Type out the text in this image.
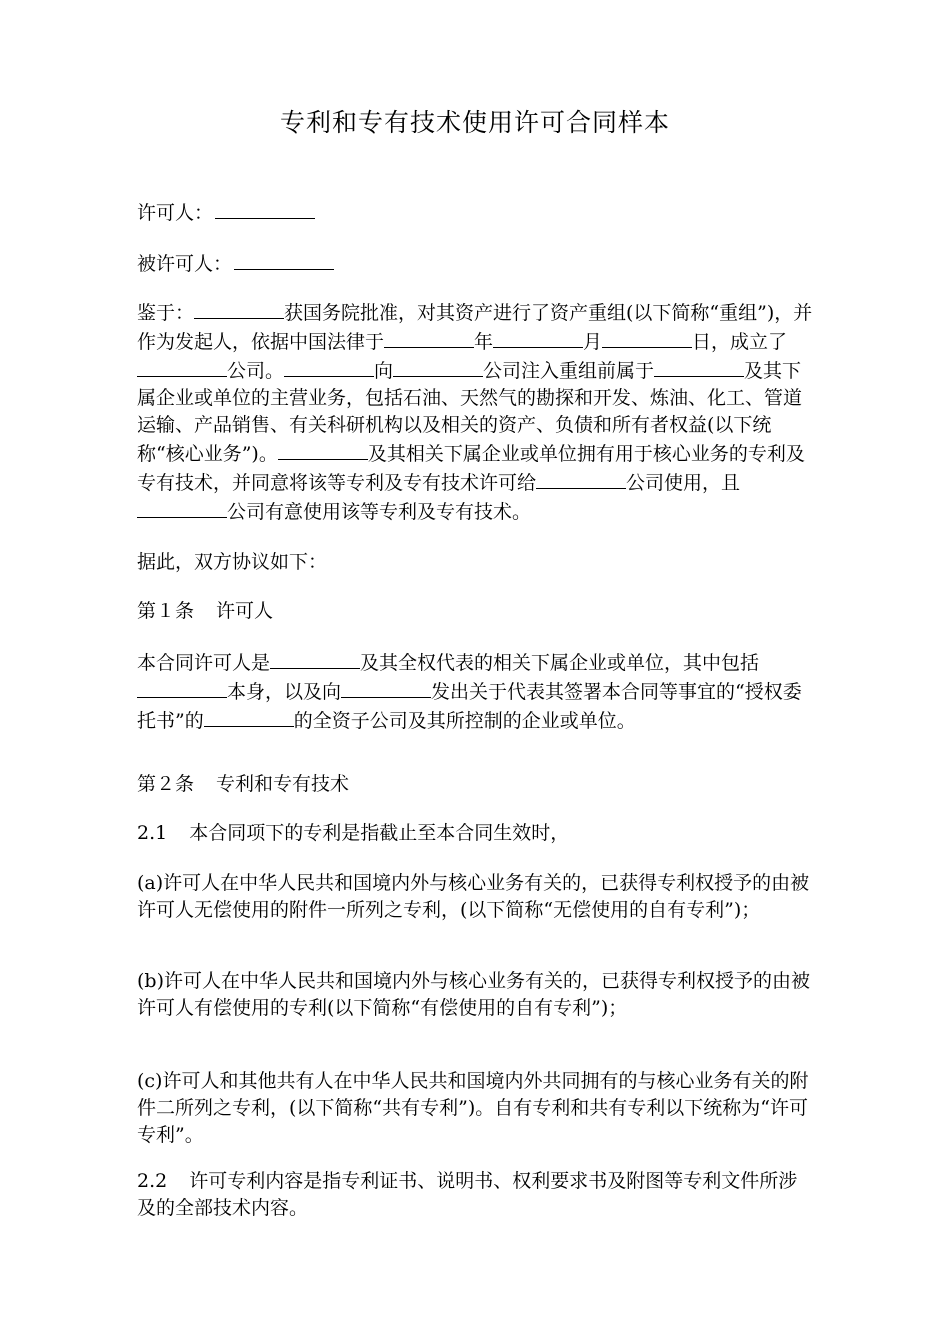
专利和专有技术使用许可合同样本
许可人：
被许可人：

鉴于：	获国务院批准，对其资产进行了资产重组(以下简称“重组”)，并作为发起人，依据中国法律于	年	月	日，成立了公司。	向	公司注入重组前属于	及其下属企业或单位的主营业务，包括石油、天然气的勘探和开发、炼油、化工、管道运输、产品销售、有关科研机构以及相关的资产、负债和所有者权益(以下统称“核心业务”)。	及其相关下属企业或单位拥有用于核心业务的专利及专有技术，并同意将该等专利及专有技术许可给	公司使用，且公司有意使用该等专利及专有技术。

据此，双方协议如下：
第１条 许可人

本合同许可人是	及其全权代表的相关下属企业或单位，其中包括本身，以及向	发出关于代表其签署本合同等事宜的“授权委托书”的	的全资子公司及其所控制的企业或单位。

第２条 专利和专有技术
2.1 本合同项下的专利是指截止至本合同生效时，

(a)许可人在中华人民共和国境内外与核心业务有关的，已获得专利权授予的由被许可人无偿使用的附件一所列之专利，(以下简称“无偿使用的自有专利”)；

(b)许可人在中华人民共和国境内外与核心业务有关的，已获得专利权授予的由被许可人有偿使用的专利(以下简称“有偿使用的自有专利”)；

(c)许可人和其他共有人在中华人民共和国境内外共同拥有的与核心业务有关的附件二所列之专利，(以下简称“共有专利”)。自有专利和共有专利以下统称为“许可专利”。

2.2 许可专利内容是指专利证书、说明书、权利要求书及附图等专利文件所涉及的全部技术内容。
